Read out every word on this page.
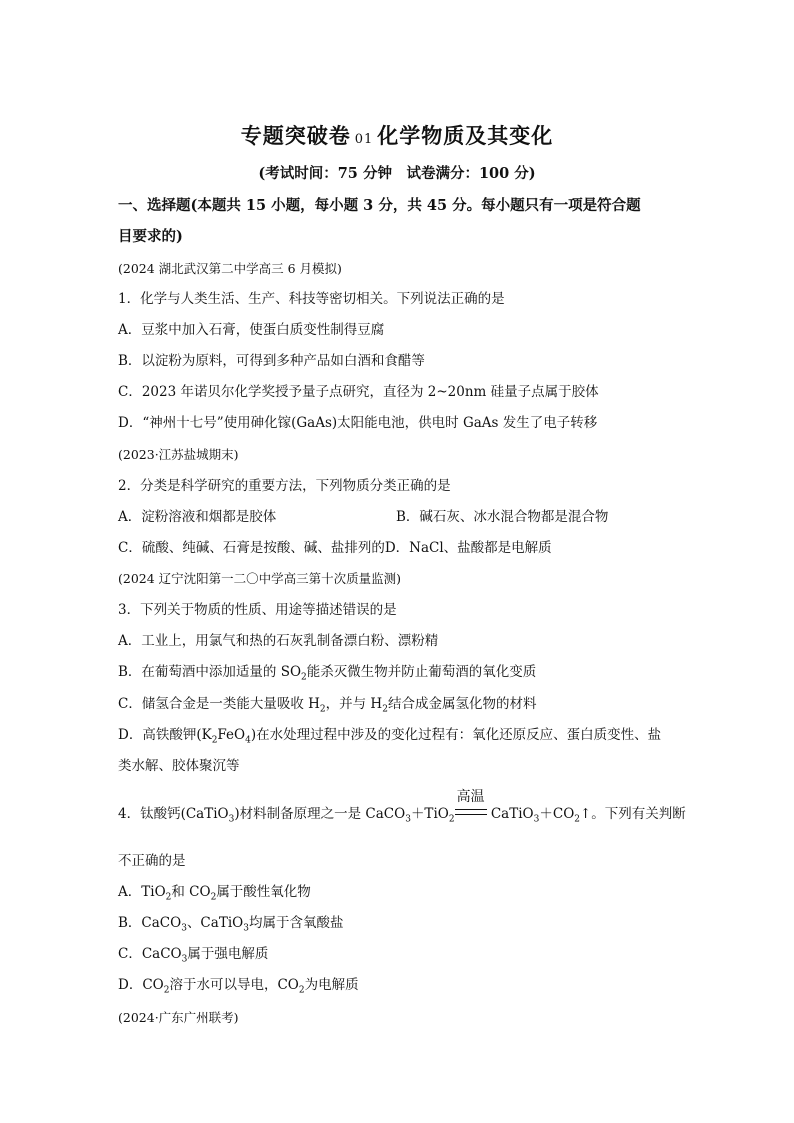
专题突破卷 01 化学物质及其变化
(考试时间：75 分钟　试卷满分：100 分)
一、选择题(本题共 15 小题，每小题 3 分，共 45 分。每小题只有一项是符合题
目要求的)
(2024 湖北武汉第二中学高三 6 月模拟)
1．化学与人类生活、生产、科技等密切相关。下列说法正确的是
A．豆浆中加入石膏，使蛋白质变性制得豆腐
B．以淀粉为原料，可得到多种产品如白酒和食醋等
C．2023 年诺贝尔化学奖授予量子点研究，直径为 2~20nm 硅量子点属于胶体
D．“神州十七号”使用砷化镓(GaAs)太阳能电池，供电时 GaAs 发生了电子转移
(2023·江苏盐城期末)
2．分类是科学研究的重要方法，下列物质分类正确的是
A．淀粉溶液和烟都是胶体	B．碱石灰、冰水混合物都是混合物
C．硫酸、纯碱、石膏是按酸、碱、盐排列的D．NaCl、盐酸都是电解质
(2024 辽宁沈阳第一二〇中学高三第十次质量监测)
3．下列关于物质的性质、用途等描述错误的是
A．工业上，用氯气和热的石灰乳制备漂白粉、漂粉精
B．在葡萄酒中添加适量的 $SO_2$能杀灭微生物并防止葡萄酒的氧化变质
C．储氢合金是一类能大量吸收 $H_2$，并与 $H_2$结合成金属氢化物的材料
D．高铁酸钾$(K_2FeO_4)$在水处理过程中涉及的变化过程有：氧化还原反应、蛋白质变性、盐
类水解、胶体聚沉等
4．钛酸钙(CaTiO$_3$)材料制备原理之一是 CaCO$_3$＋TiO$_2$
高温
$CaTiO_3+CO_2↑$。下列有关判断
不正确的是
A．TiO$_2$和 $CO_2$属于酸性氧化物
B．CaCO$_3$、CaTiO$_3$均属于含氧酸盐
C．CaCO$_3$属于强电解质
D．$CO_2$溶于水可以导电，$CO_2$为电解质
(2024·广东广州联考)
